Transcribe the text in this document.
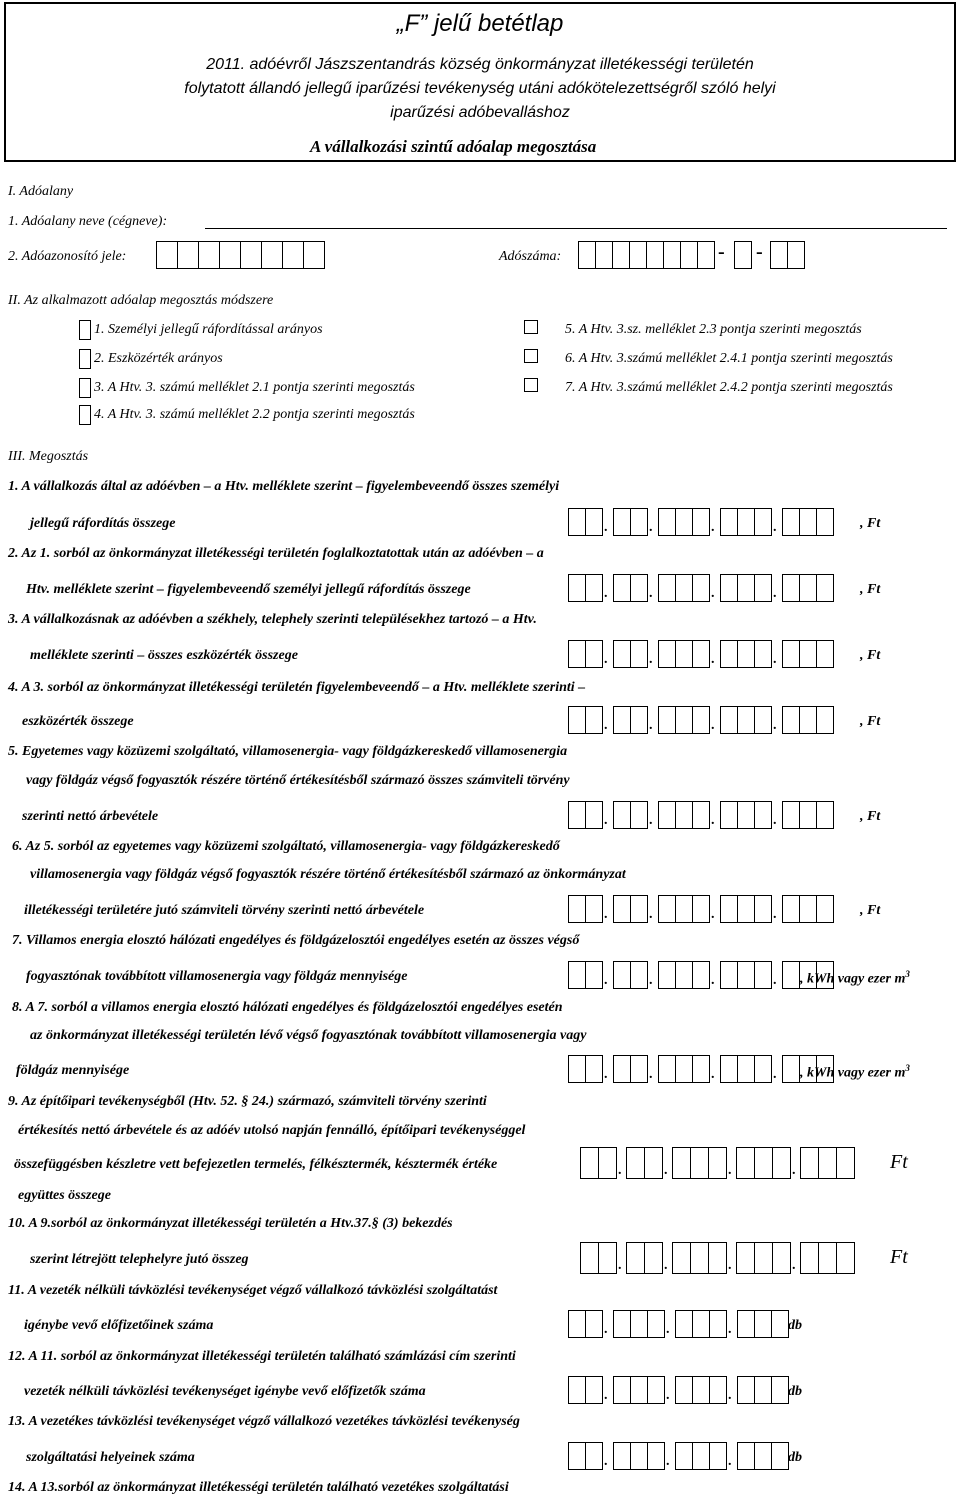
„F” jelű betétlap
2011. adóévről Jászszentandrás község önkormányzat illetékességi területén
folytatott állandó jellegű iparűzési tevékenység utáni adókötelezettségről szóló helyi
iparűzési adóbevalláshoz
A vállalkozási szintű adóalap megosztása
I. Adóalany
1. Adóalany neve (cégneve):
2. Adóazonosító jele:	Adószáma:	- -
II. Az alkalmazott adóalap megosztás módszere
1. Személyi jellegű ráfordítással arányos
2. Eszközérték arányos
3. A Htv. 3. számú melléklet 2.1 pontja szerinti megosztás
4. A Htv. 3. számú melléklet 2.2 pontja szerinti megosztás
5. A Htv. 3.sz. melléklet 2.3 pontja szerinti megosztás
6. A Htv. 3.számú melléklet 2.4.1 pontja szerinti megosztás
7. A Htv. 3.számú melléklet 2.4.2 pontja szerinti megosztás
III. Megosztás
1. A vállalkozás által az adóévben – a Htv. melléklete szerint – figyelembeveendő összes személyi
jellegű ráfordítás összege	.	.	.	.	, Ft
2. Az 1. sorból az önkormányzat illetékességi területén foglalkoztatottak után az adóévben – a
Htv. melléklete szerint – figyelembeveendő személyi jellegű ráfordítás összege	.	.	.	.	, Ft
3. A vállalkozásnak az adóévben a székhely, telephely szerinti településekhez tartozó – a Htv.
melléklete szerinti – összes eszközérték összege	.	.	.	.	, Ft
4. A 3. sorból az önkormányzat illetékességi területén figyelembeveendő – a Htv. melléklete szerinti –
eszközérték összege	.	.	.	.	, Ft
5. Egyetemes vagy közüzemi szolgáltató, villamosenergia- vagy földgázkereskedő villamosenergia
vagy földgáz végső fogyasztók részére történő értékesítésből származó összes számviteli törvény
szerinti nettó árbevétele	.	.	.	.	, Ft
6. Az 5. sorból az egyetemes vagy közüzemi szolgáltató, villamosenergia- vagy földgázkereskedő
villamosenergia vagy földgáz végső fogyasztók részére történő értékesítésből származó az önkormányzat
illetékességi területére jutó számviteli törvény szerinti nettó árbevétele	.	.	.	.	, Ft
7. Villamos energia elosztó hálózati engedélyes és földgázelosztói engedélyes esetén az összes végső
fogyasztónak továbbított villamosenergia vagy földgáz mennyisége	.	.	.	. , kWh vagy ezer $m^3$
8. A 7. sorból a villamos energia elosztó hálózati engedélyes és földgázelosztói engedélyes esetén
az önkormányzat illetékességi területén lévő végső fogyasztónak továbbított villamosenergia vagy
földgáz mennyisége	.	.	.	. , kWh vagy ezer $m^3$
9. Az építőipari tevékenységből (Htv. 52. § 24.) származó, számviteli törvény szerinti
értékesítés nettó árbevétele és az adóév utolsó napján fennálló, építőipari tevékenységgel
összefüggésben készletre vett befejezetlen termelés, félkésztermék, késztermék értéke
együttes összege
.	.	.	.	Ft
10. A 9.sorból az önkormányzat illetékességi területén a Htv.37.§ (3) bekezdés
szerint létrejött telephelyre jutó összeg	.	.	.	.	Ft
11. A vezeték nélküli távközlési tevékenységet végző vállalkozó távközlési szolgáltatást
igénybe vevő előfizetőinek száma	.	.	.	db
12. A 11. sorból az önkormányzat illetékességi területén található számlázási cím szerinti
vezeték nélküli távközlési tevékenységet igénybe vevő előfizetők száma	.	.	.	db
13. A vezetékes távközlési tevékenységet végző vállalkozó vezetékes távközlési tevékenység
szolgáltatási helyeinek száma	.	.	.	db
14. A 13.sorból az önkormányzat illetékességi területén található vezetékes szolgáltatási
